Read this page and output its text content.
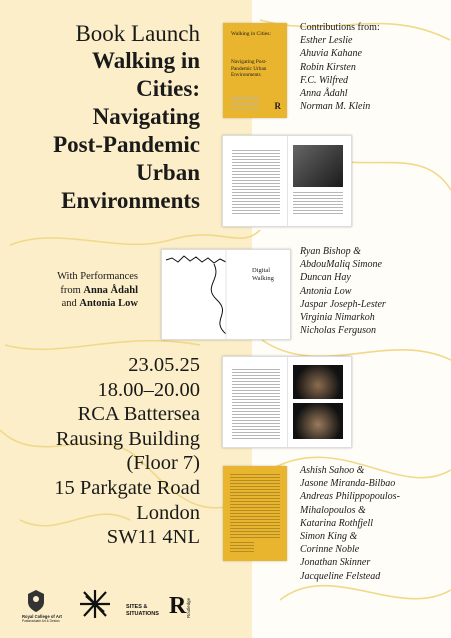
Book Launch
Walking in
Cities:
Navigating
Post-Pandemic
Urban
Environments
With Performances
from Anna Ådahl
and Antonia Low
23.05.25
18.00–20.00
RCA Battersea
Rausing Building
(Floor 7)
15 Parkgate Road
London
SW11 4NL
Royal College of Art
Postgraduate Art & Design
SITES &
SITUATIONS R Routledge
Walking in Cities:
Navigating Post-Pandemic Urban Environments
R
Digital
Walking
Contributions from:
Esther Leslie
Ahuvia Kahane
Robin Kirsten
F.C. Wilfred
Anna Ådahl
Norman M. Klein
Ryan Bishop &
AbdouMaliq Simone
Duncan Hay
Antonia Low
Jaspar Joseph-Lester
Virginia Nimarkoh
Nicholas Ferguson
Ashish Sahoo &
Jasone Miranda-Bilbao
Andreas Philippopoulos-
Mihalopoulos &
Katarina Rothfjell
Simon King &
Corinne Noble
Jonathan Skinner
Jacqueline Felstead
